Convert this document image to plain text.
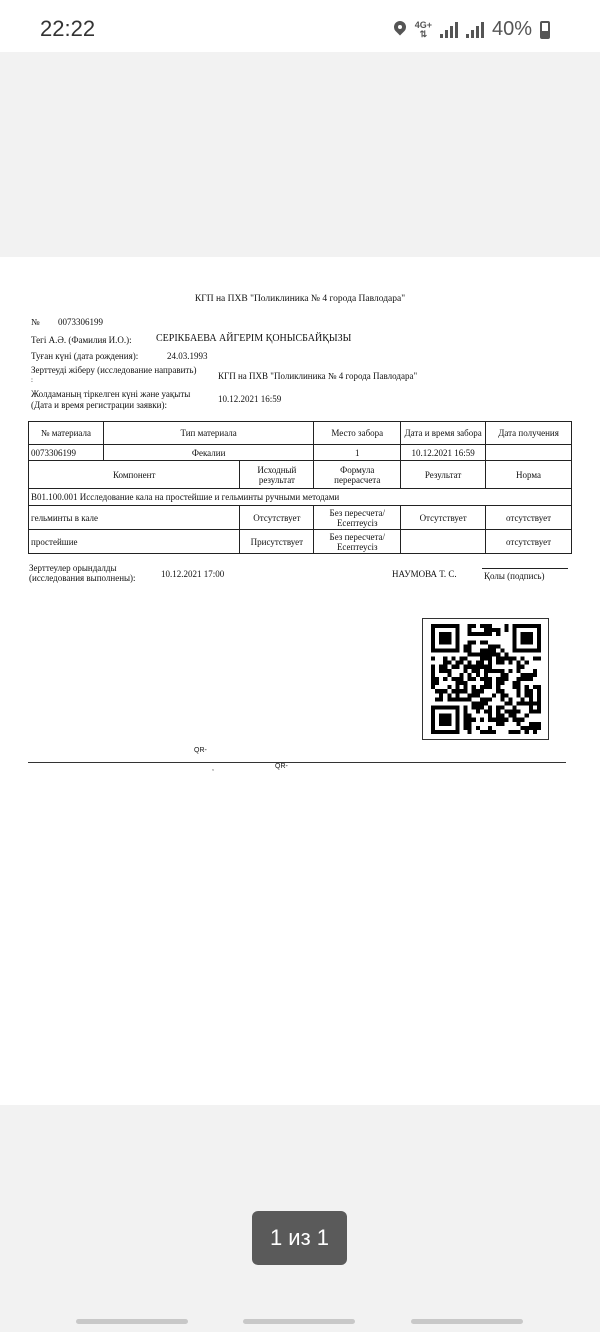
22:22	4G+
⇅	40%
КГП на ПХВ "Поликлиника № 4 города Павлодара"
№ 0073306199
Тегі А.Ә. (Фамилия И.О.): СЕРІКБАЕВА АЙГЕРІМ ҚОНЫСБАЙҚЫЗЫ
Туған күні (дата рождения):	24.03.1993
Зерттеуді жіберу (исследование направить)
:	КГП на ПХВ "Поликлиника № 4 города Павлодара"
Жолдаманың тіркелген күні және уақыты
(Дата и время регистрации заявки):
10.12.2021 16:59
№ материала	Тип материала		Место забора	Дата и время забора	Дата получения
0073306199	Фекалии		1	10.12.2021 16:59	
Компонент		Исходный результат	Формула перерасчета	Результат	Норма
B01.100.001 Исследование кала на простейшие и гельминты ручными методами					
гельминты в кале		Отсутствует	Без пересчета/ Есептеусіз	Отсутствует	отсутствует
простейшие		Присутствует	Без пересчета/ Есептеусіз		отсутствует
Зерттеулер орындалды
(исследования выполнены):	10.12.2021 17:00	НАУМОВА Т. С.	Қолы (подпись)
QR-
,	QR-
1 из 1
